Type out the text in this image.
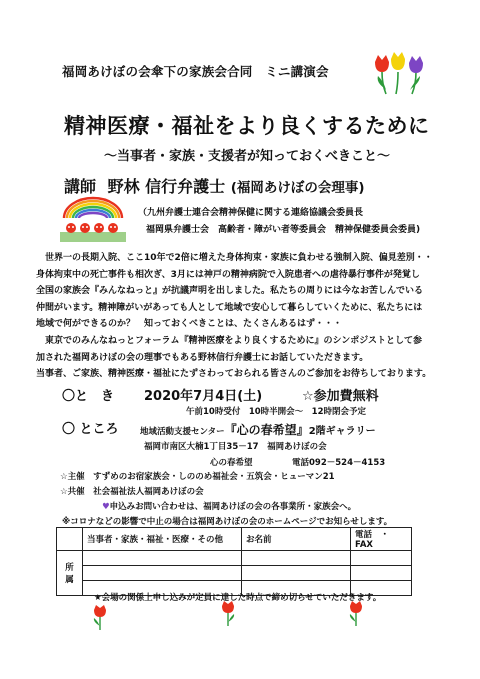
福岡あけぼの会傘下の家族会合同　ミニ講演会
精神医療・福祉をより良くするために
～当事者・家族・支援者が知っておくべきこと～
講師 野林 信行弁護士 (福岡あけぼの会理事)
（九州弁護士連合会精神保健に関する連絡協議会委員長
福岡県弁護士会　高齢者・障がい者等委員会　精神保健委員会委員)

　世界一の長期入院、ここ10年で2倍に増えた身体拘束・家族に負わせる強制入院、偏見差別・・

身体拘束中の死亡事件も相次ぎ、3月には神戸の精神病院で入院患者への虐待暴行事件が発覚し

全国の家族会『みんなねっと』が抗議声明を出しました。私たちの周りには今なお苦しんでいる

仲間がいます。精神障がいがあっても人として地域で安心して暮らしていくために、私たちには

地域で何ができるのか？　知っておくべきことは、たくさんあるはず・・・

　東京でのみんなねっとフォーラム『精神医療をより良くするために』のシンポジストとして参

加された福岡あけぼの会の理事でもある野林信行弁護士にお話していただきます。

当事者、ご家族、精神医療・福祉にたずさわっておられる皆さんのご参加をお待ちしております。

〇と　き 2020年7月4日(土)	☆参加費無料
午前10時受付　10時半開会～　12時閉会予定
〇 ところ	地域活動支援センター『心の春希望』2階ギャラリー
福岡市南区大楠1丁目35－17　福岡あけぼの会
心の春希望	電話092－524－4153
☆主催　すずめのお宿家族会・しののめ福祉会・五筑会・ヒューマン21
☆共催　社会福祉法人福岡あけぼの会
♥申込みお問い合わせは、福岡あけぼの会の各事業所・家族会へ。
※コロナなどの影響で中止の場合は福岡あけぼの会のホームページでお知らせします。
	当事者・家族・福祉・医療・その他	お名前	電話　・　FAX
所　属			

★会場の関係上申し込みが定員に達した時点で締め切らせていただきます。
